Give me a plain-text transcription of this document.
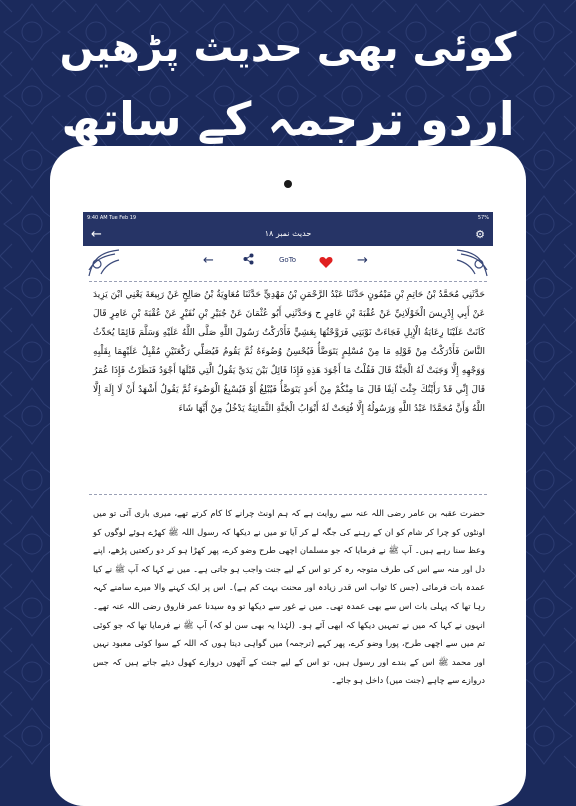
کوئی بھی حدیث پڑھیں
اردو ترجمہ کے ساتھ
9:40 AM Tue Feb 19	57%
←	حدیث نمبر ۱۸	⚙
←	GoTo	→
حَدَّثَنِي مُحَمَّدُ بْنُ حَاتِمِ بْنِ مَيْمُونٍ حَدَّثَنَا عَبْدُ الرَّحْمَنِ بْنُ مَهْدِيٍّ حَدَّثَنَا مُعَاوِيَةُ بْنُ صَالِحٍ عَنْ رَبِيعَةَ يَعْنِي ابْنَ يَزِيدَ عَنْ أَبِي إِدْرِيسَ الْخَوْلَانِيِّ عَنْ عُقْبَةَ بْنِ عَامِرٍ ح وَحَدَّثَنِي أَبُو عُثْمَانَ عَنْ جُبَيْرِ بْنِ نُفَيْرٍ عَنْ عُقْبَةَ بْنِ عَامِرٍ قَالَ كَانَتْ عَلَيْنَا رِعَايَةُ الْإِبِلِ فَجَاءَتْ نَوْبَتِي فَرَوَّحْتُهَا بِعَشِيٍّ فَأَدْرَكْتُ رَسُولَ اللَّهِ صَلَّى اللَّهُ عَلَيْهِ وَسَلَّمَ قَائِمًا يُحَدِّثُ النَّاسَ فَأَدْرَكْتُ مِنْ قَوْلِهِ مَا مِنْ مُسْلِمٍ يَتَوَضَّأُ فَيُحْسِنُ وُضُوءَهُ ثُمَّ يَقُومُ فَيُصَلِّي رَكْعَتَيْنِ مُقْبِلٌ عَلَيْهِمَا بِقَلْبِهِ وَوَجْهِهِ إِلَّا وَجَبَتْ لَهُ الْجَنَّةُ قَالَ فَقُلْتُ مَا أَجْوَدَ هَذِهِ فَإِذَا قَائِلٌ بَيْنَ يَدَيَّ يَقُولُ الَّتِي قَبْلَهَا أَجْوَدُ فَنَظَرْتُ فَإِذَا عُمَرُ قَالَ إِنِّي قَدْ رَأَيْتُكَ جِئْتَ آنِفًا قَالَ مَا مِنْكُمْ مِنْ أَحَدٍ يَتَوَضَّأُ فَيُبْلِغُ أَوْ فَيُسْبِغُ الْوَضُوءَ ثُمَّ يَقُولُ أَشْهَدُ أَنْ لَا إِلَهَ إِلَّا اللَّهُ وَأَنَّ مُحَمَّدًا عَبْدُ اللَّهِ وَرَسُولُهُ إِلَّا فُتِحَتْ لَهُ أَبْوَابُ الْجَنَّةِ الثَّمَانِيَةُ يَدْخُلُ مِنْ أَيِّهَا شَاءَ
حضرت عقبہ بن عامر رضی اللہ عنہ سے روایت ہے کہ ہم اونٹ چرانے کا کام کرتے تھے، میری باری آئی تو میں اونٹوں کو چرا کر شام کو ان کے رہنے کی جگہ لے کر آیا تو میں نے دیکھا کہ رسول اللہ ﷺ کھڑے ہوئے لوگوں کو وعظ سنا رہے ہیں۔ آپ ﷺ نے فرمایا کہ جو مسلمان اچھی طرح وضو کرے، پھر کھڑا ہو کر دو رکعتیں پڑھے، اپنے دل اور منہ سے اس کی طرف متوجہ رہ کر تو اس کے لیے جنت واجب ہو جاتی ہے۔ میں نے کہا کہ آپ ﷺ نے کیا عمدہ بات فرمائی (جس کا ثواب اس قدر زیادہ اور محنت بہت کم ہے)۔ اس پر ایک کہنے والا میرے سامنے کہہ رہا تھا کہ پہلی بات اس سے بھی عمدہ تھی۔ میں نے غور سے دیکھا تو وہ سیدنا عمر فاروق رضی اللہ عنہ تھے۔ انہوں نے کہا کہ میں نے تمہیں دیکھا کہ ابھی آئے ہو۔ (لہٰذا یہ بھی سن لو کہ) آپ ﷺ نے فرمایا تھا کہ جو کوئی تم میں سے اچھی طرح، پورا وضو کرے، پھر کہے (ترجمہ) میں گواہی دیتا ہوں کہ اللہ کے سوا کوئی معبود نہیں اور محمد ﷺ اس کے بندے اور رسول ہیں، تو اس کے لیے جنت کے آٹھوں دروازے کھول دیئے جاتے ہیں کہ جس دروازے سے چاہے (جنت میں) داخل ہو جائے۔
